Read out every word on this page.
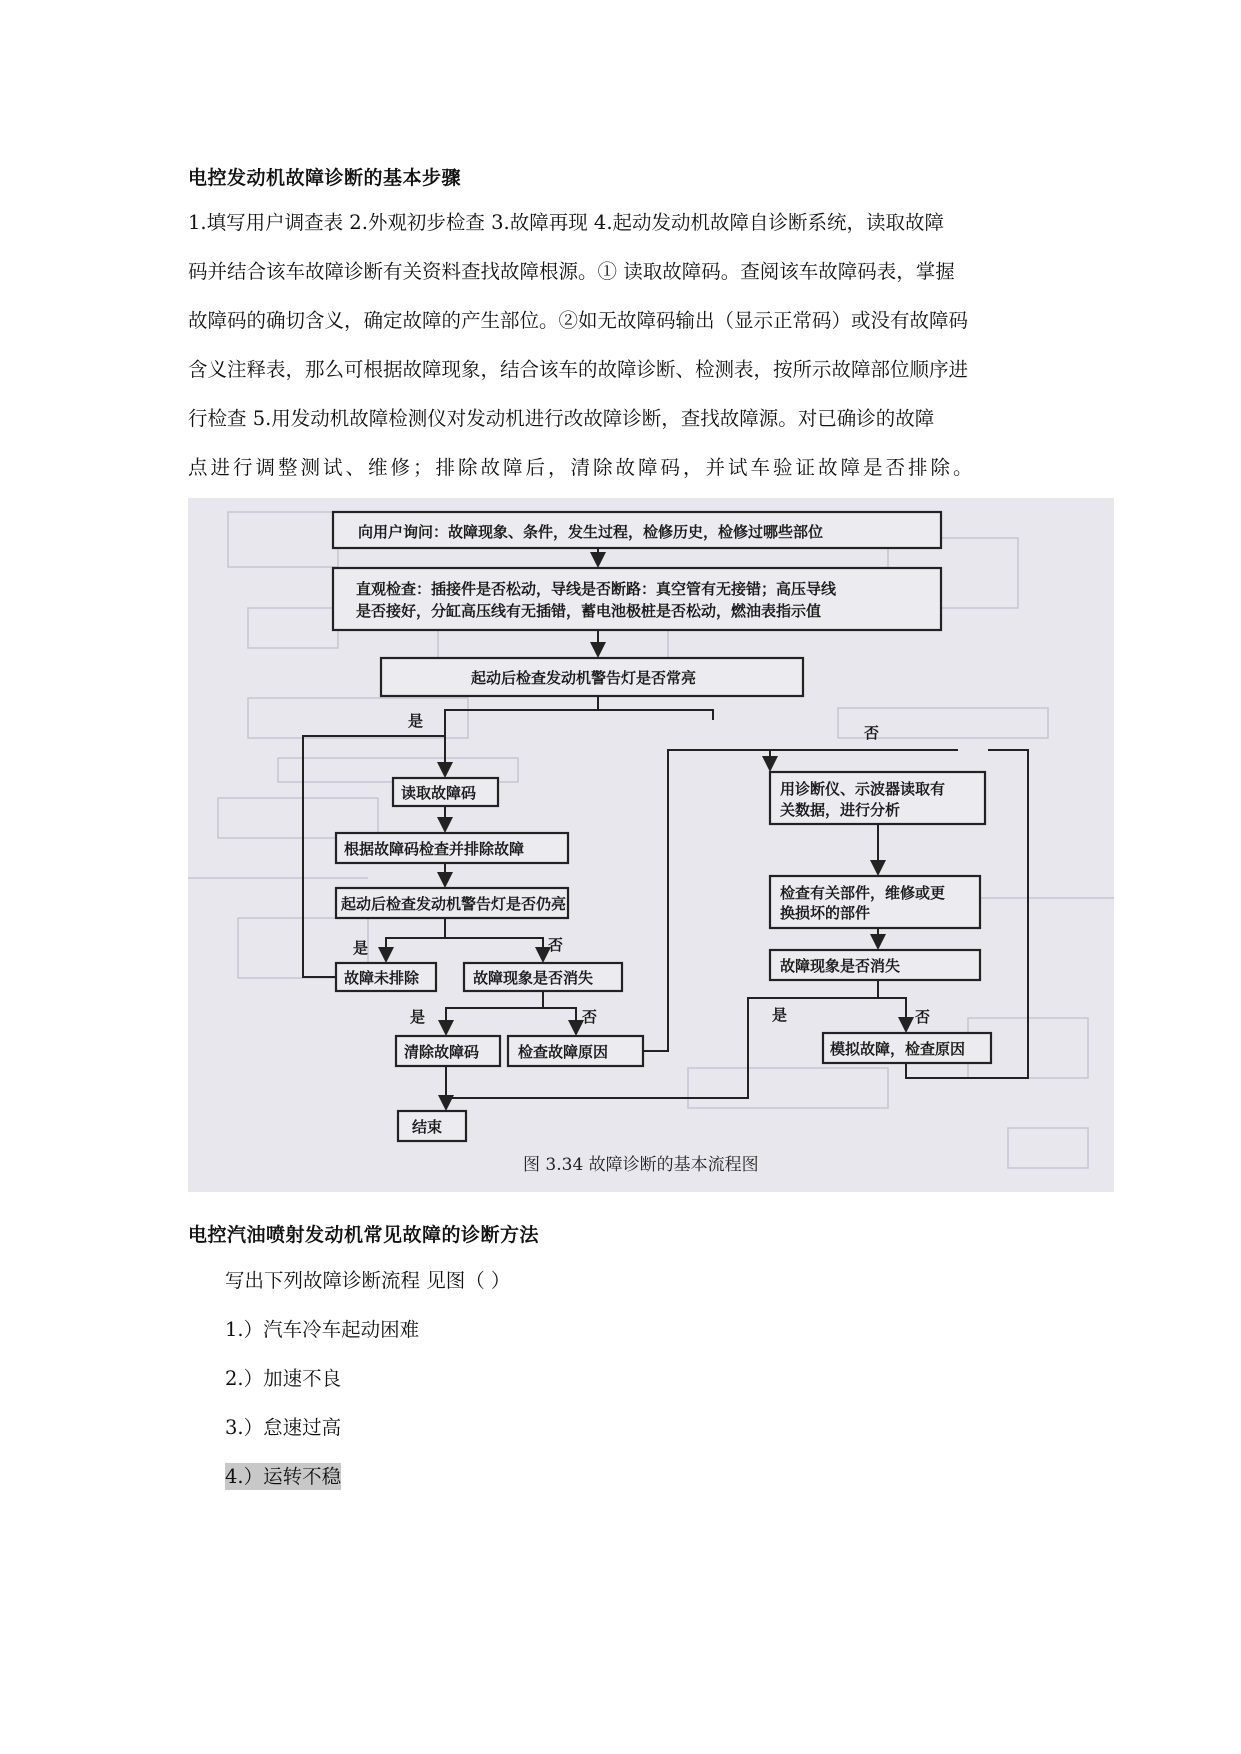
电控发动机故障诊断的基本步骤
1.填写用户调查表 2.外观初步检查 3.故障再现 4.起动发动机故障自诊断系统，读取故障
码并结合该车故障诊断有关资料查找故障根源。① 读取故障码。查阅该车故障码表，掌握
故障码的确切含义，确定故障的产生部位。②如无故障码输出（显示正常码）或没有故障码
含义注释表，那么可根据故障现象，结合该车的故障诊断、检测表，按所示故障部位顺序进
行检查 5.用发动机故障检测仪对发动机进行改故障诊断，查找故障源。对已确诊的故障
点进行调整测试、维修；排除故障后，清除故障码，并试车验证故障是否排除。
向用户询问：故障现象、条件，发生过程，检修历史，检修过哪些部位
直观检查：插接件是否松动，导线是否断路：真空管有无接错；高压导线
是否接好，分缸高压线有无插错，蓄电池极桩是否松动，燃油表指示值
起动后检查发动机警告灯是否常亮
读取故障码
根据故障码检查并排除故障
起动后检查发动机警告灯是否仍亮
故障未排除	故障现象是否消失
清除故障码	检查故障原因
结束
用诊断仪、示波器读取有
关数据，进行分析
检查有关部件，维修或更
换损坏的部件
故障现象是否消失
模拟故障，检查原因
是
否
是	否
是	否	是	否
图 3.34 故障诊断的基本流程图
电控汽油喷射发动机常见故障的诊断方法

写出下列故障诊断流程 见图（ ）

1.）汽车冷车起动困难

2.）加速不良

3.）怠速过高

4.）运转不稳
